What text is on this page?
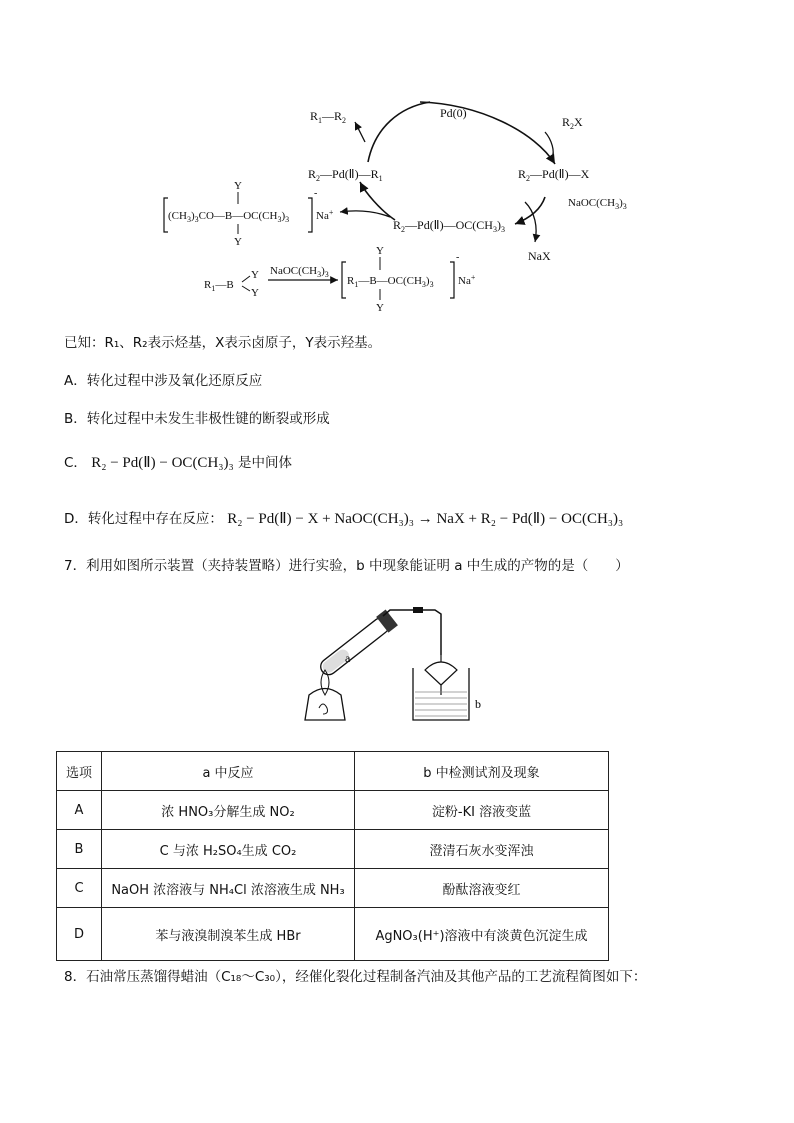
Pd(0)
$R_1—R_2$	$R_2X$
$R_2—Pd(Ⅱ)—R_1$	$R_2—Pd(Ⅱ)—X$
$NaOC(CH_3)_3$
NaX
$R_2—Pd(Ⅱ)—OC(CH_3)_3$
Y
$(CH_3)_3CO—B—OC(CH_3)_3$
Y
-
Na+
$R_1—B$
Y
Y
$NaOC(CH_3)_3$
Y
$R_1—B—OC(CH_3)_3$
Y
-
Na+
已知：R₁、R₂表示烃基，X表示卤原子，Y表示羟基。
A．转化过程中涉及氧化还原反应
B．转化过程中未发生非极性键的断裂或形成
C． R₂ − Pd(Ⅱ) − OC(CH₃)₃ 是中间体
D．转化过程中存在反应： R₂ − Pd(Ⅱ) − X + NaOC(CH₃)₃ → NaX + R₂ − Pd(Ⅱ) − OC(CH₃)₃
7．利用如图所示装置（夹持装置略）进行实验，b 中现象能证明 a 中生成的产物的是（　　）
a
b
选项	a 中反应	b 中检测试剂及现象
A	浓 HNO₃分解生成 NO₂	淀粉-KI 溶液变蓝
B	C 与浓 H₂SO₄生成 CO₂	澄清石灰水变浑浊
C	NaOH 浓溶液与 NH₄Cl 浓溶液生成 NH₃	酚酞溶液变红
D	苯与液溴制溴苯生成 HBr	AgNO₃(H⁺)溶液中有淡黄色沉淀生成
8．石油常压蒸馏得蜡油（C₁₈～C₃₀），经催化裂化过程制备汽油及其他产品的工艺流程简图如下：
